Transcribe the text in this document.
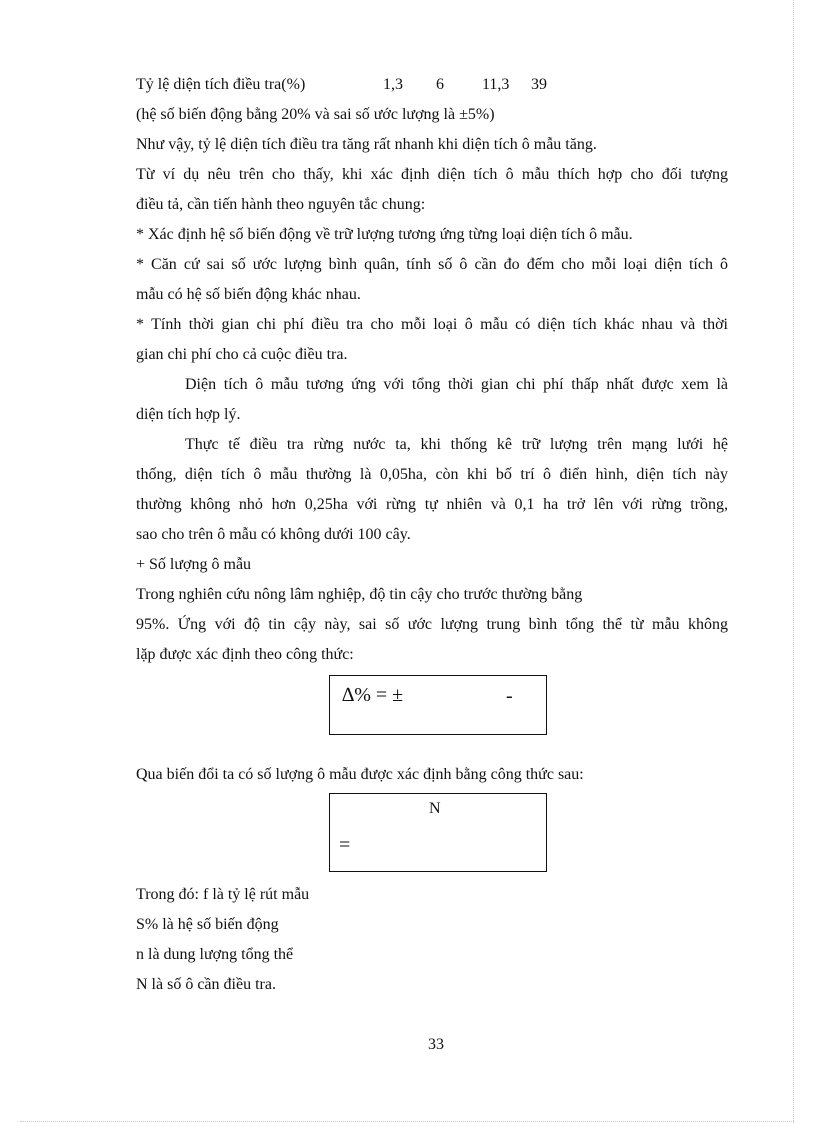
Tỷ lệ diện tích điều tra(%)	1,3 6 11,3 39
(hệ số biến động bằng 20% và sai số ước lượng là ±5%)
Như vậy, tỷ lệ diện tích điều tra tăng rất nhanh khi diện tích ô mẫu tăng.
Từ ví dụ nêu trên cho thấy, khi xác định diện tích ô mẫu thích hợp cho đối tượng
điều tả, cần tiến hành theo nguyên tắc chung:
* Xác định hệ số biến động về trữ lượng tương ứng từng loại diện tích ô mẫu.
* Căn cứ sai số ước lượng bình quân, tính số ô cần đo đếm cho mỗi loại diện tích ô
mẫu có hệ số biến động khác nhau.
* Tính thời gian chi phí điều tra cho mỗi loại ô mẫu có diện tích khác nhau và thời
gian chi phí cho cả cuộc điều tra.
Diện tích ô mẫu tương ứng với tổng thời gian chi phí thấp nhất được xem là
diện tích hợp lý.
Thực tế điều tra rừng nước ta, khi thống kê trữ lượng trên mạng lưới hệ
thống, diện tích ô mẫu thường là 0,05ha, còn khi bố trí ô điển hình, diện tích này
thường không nhỏ hơn 0,25ha với rừng tự nhiên và 0,1 ha trở lên với rừng trồng,
sao cho trên ô mẫu có không dưới 100 cây.
+ Số lượng ô mẫu
Trong nghiên cứu nông lâm nghiệp, độ tin cậy cho trước thường bằng
95%. Ứng với độ tin cậy này, sai số ước lượng trung bình tổng thể từ mẫu không
lặp được xác định theo công thức:
∆% = ±	-
Qua biến đổi ta có số lượng ô mẫu được xác định bằng công thức sau:
N
=
Trong đó: f là tỷ lệ rút mẫu
S% là hệ số biến động
n là dung lượng tổng thể
N là số ô cần điều tra.
33
